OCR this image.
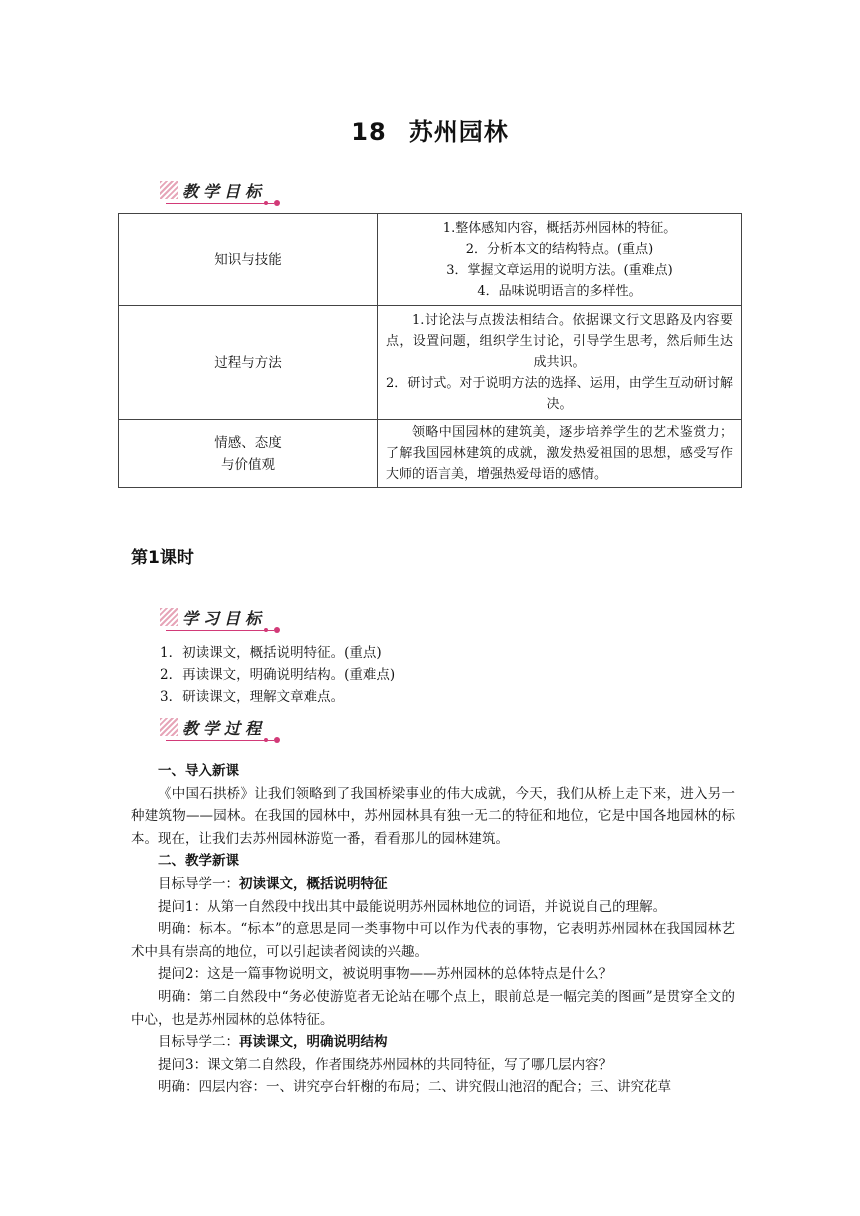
18 苏州园林
教学目标
知识与技能	1.整体感知内容，概括苏州园林的特征。
2．分析本文的结构特点。(重点)
3．掌握文章运用的说明方法。(重难点)
4．品味说明语言的多样性。

过程与方法	1.讨论法与点拨法相结合。依据课文行文思路及内容要点，设置问题，组织学生讨论，引导学生思考，然后师生达成共识。
2．研讨式。对于说明方法的选择、运用，由学生互动研讨解决。

情感、态度
与价值观	领略中国园林的建筑美，逐步培养学生的艺术鉴赏力；了解我国园林建筑的成就，激发热爱祖国的思想，感受写作大师的语言美，增强热爱母语的感情。
第1课时
学习目标
1．初读课文，概括说明特征。(重点)
2．再读课文，明确说明结构。(重难点)
3．研读课文，理解文章难点。
教学过程

一、导入新课

《中国石拱桥》让我们领略到了我国桥梁事业的伟大成就，今天，我们从桥上走下来，进入另一种建筑物——园林。在我国的园林中，苏州园林具有独一无二的特征和地位，它是中国各地园林的标本。现在，让我们去苏州园林游览一番，看看那儿的园林建筑。

二、教学新课

目标导学一：初读课文，概括说明特征

提问1：从第一自然段中找出其中最能说明苏州园林地位的词语，并说说自己的理解。

明确：标本。“标本”的意思是同一类事物中可以作为代表的事物，它表明苏州园林在我国园林艺术中具有崇高的地位，可以引起读者阅读的兴趣。

提问2：这是一篇事物说明文，被说明事物——苏州园林的总体特点是什么？

明确：第二自然段中“务必使游览者无论站在哪个点上，眼前总是一幅完美的图画”是贯穿全文的中心，也是苏州园林的总体特征。

目标导学二：再读课文，明确说明结构

提问3：课文第二自然段，作者围绕苏州园林的共同特征，写了哪几层内容？

明确：四层内容：一、讲究亭台轩榭的布局；二、讲究假山池沼的配合；三、讲究花草
